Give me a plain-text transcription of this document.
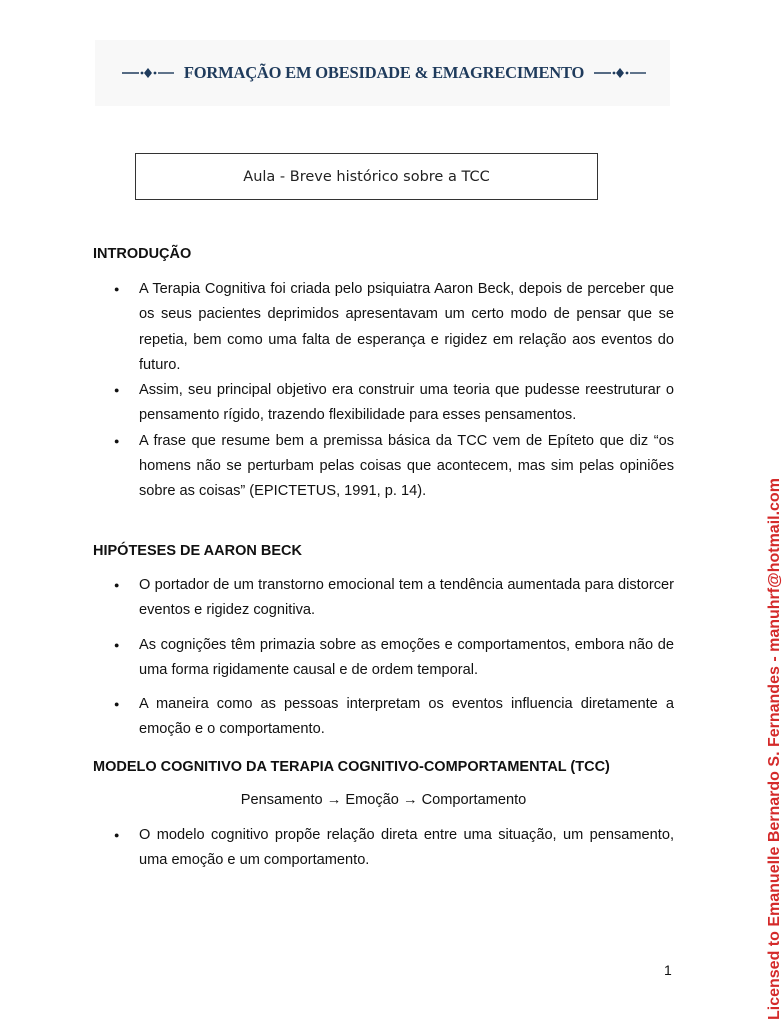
FORMAÇÃO EM OBESIDADE & EMAGRECIMENTO
Aula - Breve histórico sobre a TCC
INTRODUÇÃO
● A Terapia Cognitiva foi criada pelo psiquiatra Aaron Beck, depois de perceber que os seus pacientes deprimidos apresentavam um certo modo de pensar que se repetia, bem como uma falta de esperança e rigidez em relação aos eventos do futuro.
● Assim, seu principal objetivo era construir uma teoria que pudesse reestruturar o pensamento rígido, trazendo flexibilidade para esses pensamentos.
● A frase que resume bem a premissa básica da TCC vem de Epíteto que diz “os homens não se perturbam pelas coisas que acontecem, mas sim pelas opiniões sobre as coisas” (EPICTETUS, 1991, p. 14).
HIPÓTESES DE AARON BECK
● O portador de um transtorno emocional tem a tendência aumentada para distorcer eventos e rigidez cognitiva.
● As cognições têm primazia sobre as emoções e comportamentos, embora não de uma forma rigidamente causal e de ordem temporal.
● A maneira como as pessoas interpretam os eventos influencia diretamente a emoção e o comportamento.
MODELO COGNITIVO DA TERAPIA COGNITIVO-COMPORTAMENTAL (TCC)
Pensamento → Emoção → Comportamento
● O modelo cognitivo propõe relação direta entre uma situação, um pensamento, uma emoção e um comportamento.
1	Licensed to Emanuelle Bernardo S. Fernandes - manuhrf@hotmail.com
